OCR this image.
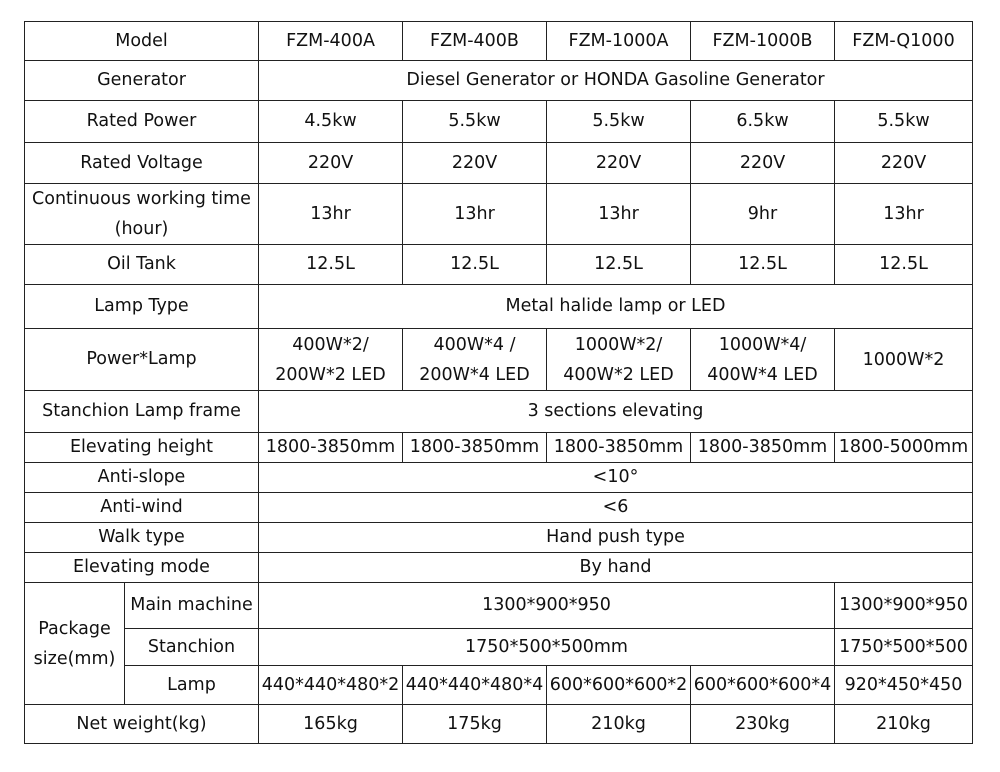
Model		FZM-400A	FZM-400B	FZM-1000A	FZM-1000B	FZM-Q1000
Generator		Diesel Generator or HONDA Gasoline Generator				
Rated Power		4.5kw	5.5kw	5.5kw	6.5kw	5.5kw
Rated Voltage		220V	220V	220V	220V	220V
Continuous working time (hour)		13hr	13hr	13hr	9hr	13hr
Oil Tank		12.5L	12.5L	12.5L	12.5L	12.5L
Lamp Type		Metal halide lamp or LED				
Power*Lamp		400W*2/ 200W*2 LED	400W*4 / 200W*4 LED	1000W*2/ 400W*2 LED	1000W*4/ 400W*4 LED	1000W*2
Stanchion Lamp frame		3 sections elevating				
Elevating height		1800-3850mm	1800-3850mm	1800-3850mm	1800-3850mm	1800-5000mm
Anti-slope		<10°				
Anti-wind		<6				
Walk type		Hand push type				
Elevating mode		By hand				
Package size(mm)	Main machine	1300*900*950				1300*900*950
	Stanchion	1750*500*500mm				1750*500*500
	Lamp	440*440*480*2	440*440*480*4	600*600*600*2	600*600*600*4	920*450*450
Net weight(kg)		165kg	175kg	210kg	230kg	210kg
